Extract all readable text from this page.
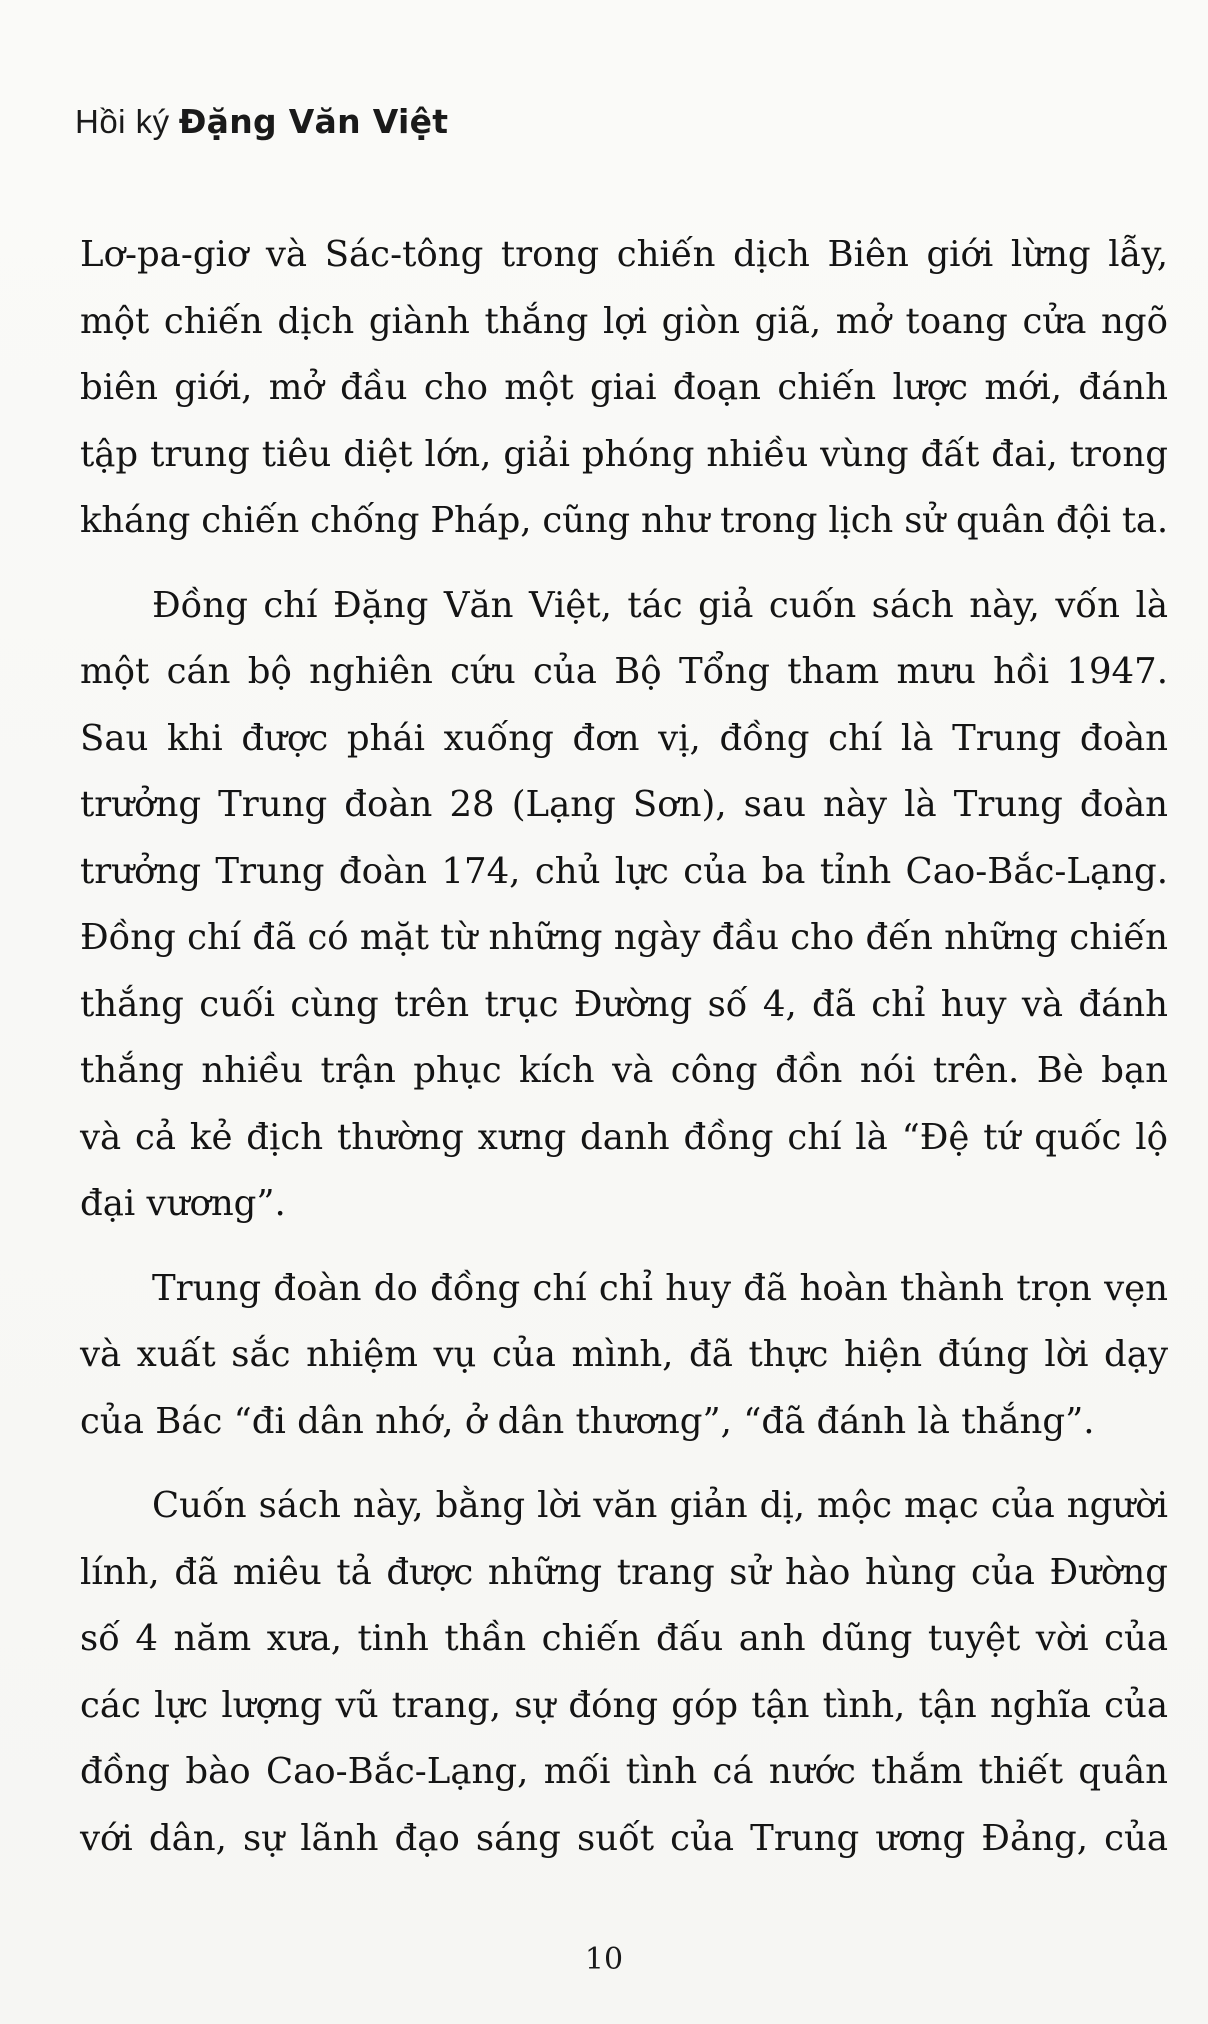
Hồi ký Đặng Văn Việt

Lơ-pa-giơ và Sác-tông trong chiến dịch Biên giới lừng lẫy,
một chiến dịch giành thắng lợi giòn giã, mở toang cửa ngõ
biên giới, mở đầu cho một giai đoạn chiến lược mới, đánh
tập trung tiêu diệt lớn, giải phóng nhiều vùng đất đai, trong
kháng chiến chống Pháp, cũng như trong lịch sử quân đội ta.

Đồng chí Đặng Văn Việt, tác giả cuốn sách này, vốn là
một cán bộ nghiên cứu của Bộ Tổng tham mưu hồi 1947.
Sau khi được phái xuống đơn vị, đồng chí là Trung đoàn
trưởng Trung đoàn 28 (Lạng Sơn), sau này là Trung đoàn
trưởng Trung đoàn 174, chủ lực của ba tỉnh Cao-Bắc-Lạng.
Đồng chí đã có mặt từ những ngày đầu cho đến những chiến
thắng cuối cùng trên trục Đường số 4, đã chỉ huy và đánh
thắng nhiều trận phục kích và công đồn nói trên. Bè bạn
và cả kẻ địch thường xưng danh đồng chí là “Đệ tứ quốc lộ
đại vương”.

Trung đoàn do đồng chí chỉ huy đã hoàn thành trọn vẹn
và xuất sắc nhiệm vụ của mình, đã thực hiện đúng lời dạy
của Bác “đi dân nhớ, ở dân thương”, “đã đánh là thắng”.

Cuốn sách này, bằng lời văn giản dị, mộc mạc của người
lính, đã miêu tả được những trang sử hào hùng của Đường
số 4 năm xưa, tinh thần chiến đấu anh dũng tuyệt vời của
các lực lượng vũ trang, sự đóng góp tận tình, tận nghĩa của
đồng bào Cao-Bắc-Lạng, mối tình cá nước thắm thiết quân
với dân, sự lãnh đạo sáng suốt của Trung ương Đảng, của

10
